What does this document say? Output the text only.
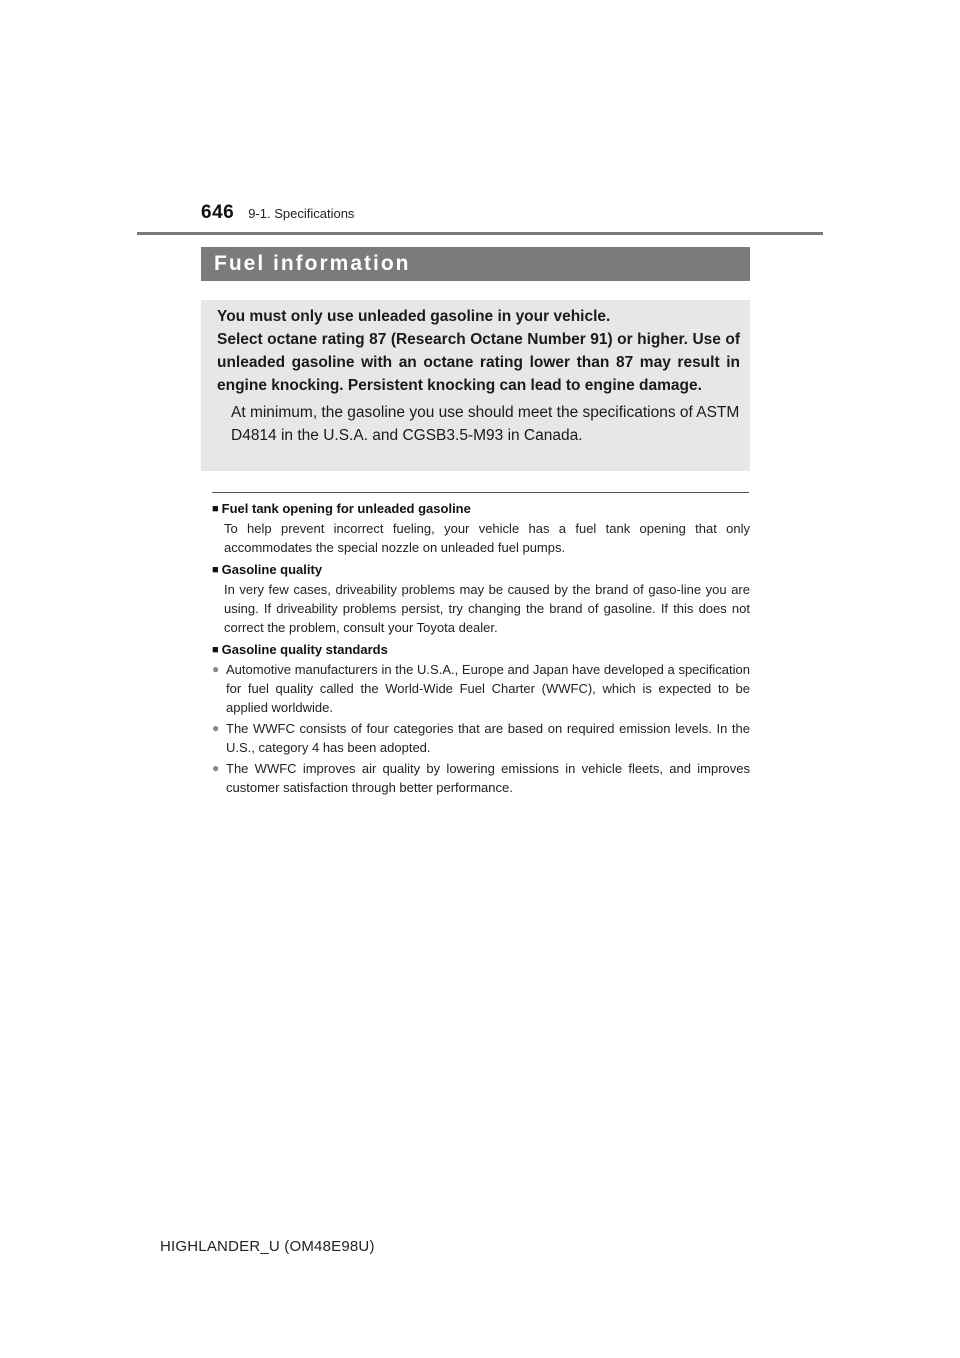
646 9-1. Specifications
Fuel information

You must only use unleaded gasoline in your vehicle.

Select octane rating 87 (Research Octane Number 91) or higher. Use of unleaded gasoline with an octane rating lower than 87 may result in engine knocking. Persistent knocking can lead to engine damage.

At minimum, the gasoline you use should meet the specifications of ASTM D4814 in the U.S.A. and CGSB3.5-M93 in Canada.
■ Fuel tank opening for unleaded gasoline
To help prevent incorrect fueling, your vehicle has a fuel tank opening that only accommodates the special nozzle on unleaded fuel pumps.
■ Gasoline quality
In very few cases, driveability problems may be caused by the brand of gaso-line you are using. If driveability problems persist, try changing the brand of gasoline. If this does not correct the problem, consult your Toyota dealer.
■ Gasoline quality standards
● Automotive manufacturers in the U.S.A., Europe and Japan have developed a specification for fuel quality called the World-Wide Fuel Charter (WWFC), which is expected to be applied worldwide.
● The WWFC consists of four categories that are based on required emission levels. In the U.S., category 4 has been adopted.
● The WWFC improves air quality by lowering emissions in vehicle fleets, and improves customer satisfaction through better performance.
HIGHLANDER_U (OM48E98U)
